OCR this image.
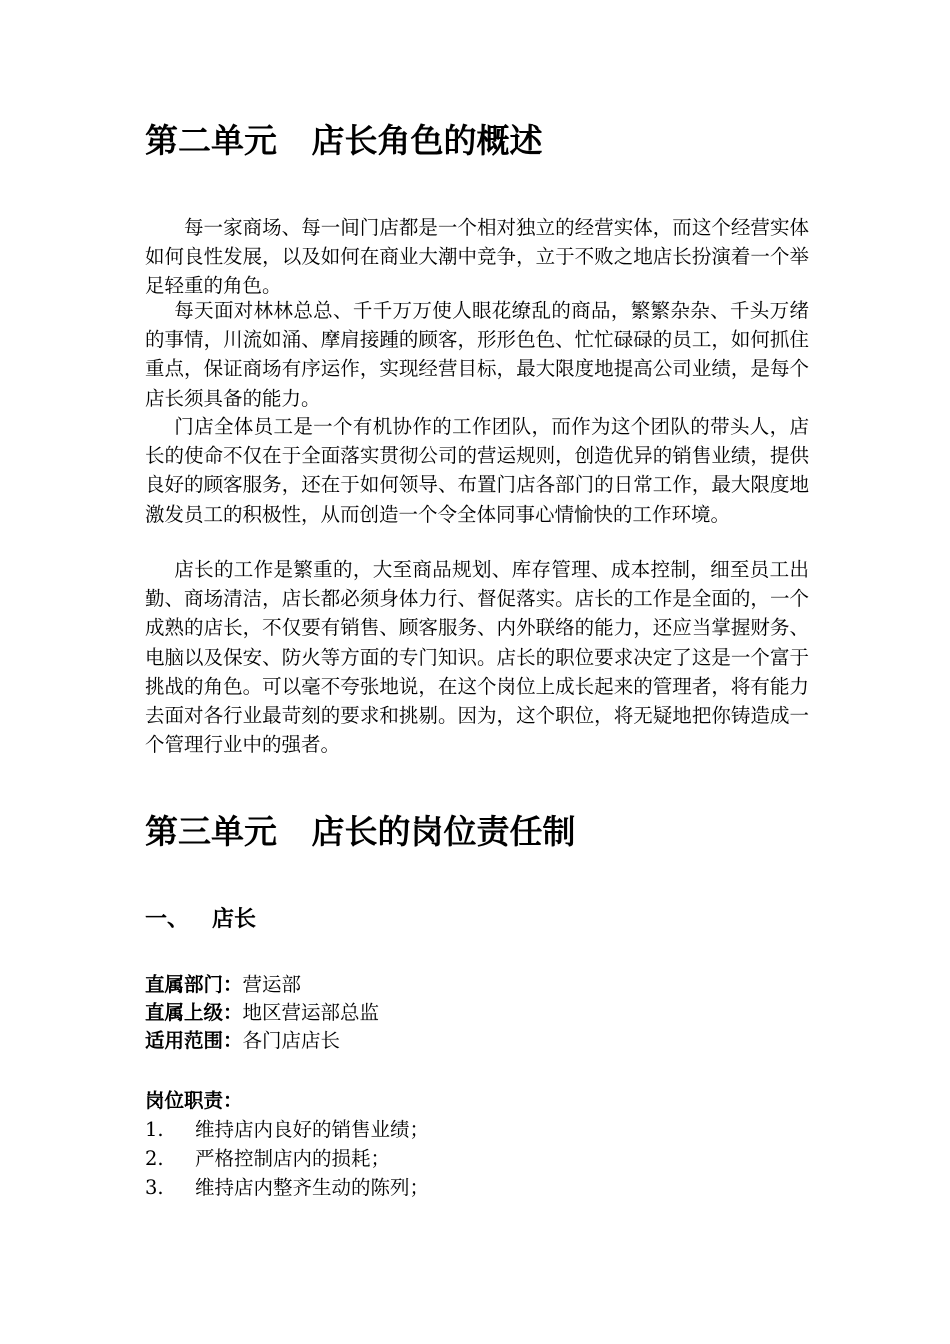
第二单元   店长角色的概述

每一家商场、每一间门店都是一个相对独立的经营实体，而这个经营实体如何良性发展，以及如何在商业大潮中竞争，立于不败之地店长扮演着一个举足轻重的角色。

每天面对林林总总、千千万万使人眼花缭乱的商品，繁繁杂杂、千头万绪的事情，川流如涌、摩肩接踵的顾客，形形色色、忙忙碌碌的员工，如何抓住重点，保证商场有序运作，实现经营目标，最大限度地提高公司业绩，是每个店长须具备的能力。

门店全体员工是一个有机协作的工作团队，而作为这个团队的带头人，店长的使命不仅在于全面落实贯彻公司的营运规则，创造优异的销售业绩，提供良好的顾客服务，还在于如何领导、布置门店各部门的日常工作，最大限度地激发员工的积极性，从而创造一个令全体同事心情愉快的工作环境。

店长的工作是繁重的，大至商品规划、库存管理、成本控制，细至员工出勤、商场清洁，店长都必须身体力行、督促落实。店长的工作是全面的，一个成熟的店长，不仅要有销售、顾客服务、内外联络的能力，还应当掌握财务、电脑以及保安、防火等方面的专门知识。店长的职位要求决定了这是一个富于挑战的角色。可以毫不夸张地说，在这个岗位上成长起来的管理者，将有能力去面对各行业最苛刻的要求和挑剔。因为，这个职位，将无疑地把你铸造成一个管理行业中的强者。

第三单元   店长的岗位责任制
一、   店长
直属部门：营运部
直属上级：地区营运部总监
适用范围：各门店店长
岗位职责：
1. 维持店内良好的销售业绩；
2. 严格控制店内的损耗；
3. 维持店内整齐生动的陈列；
